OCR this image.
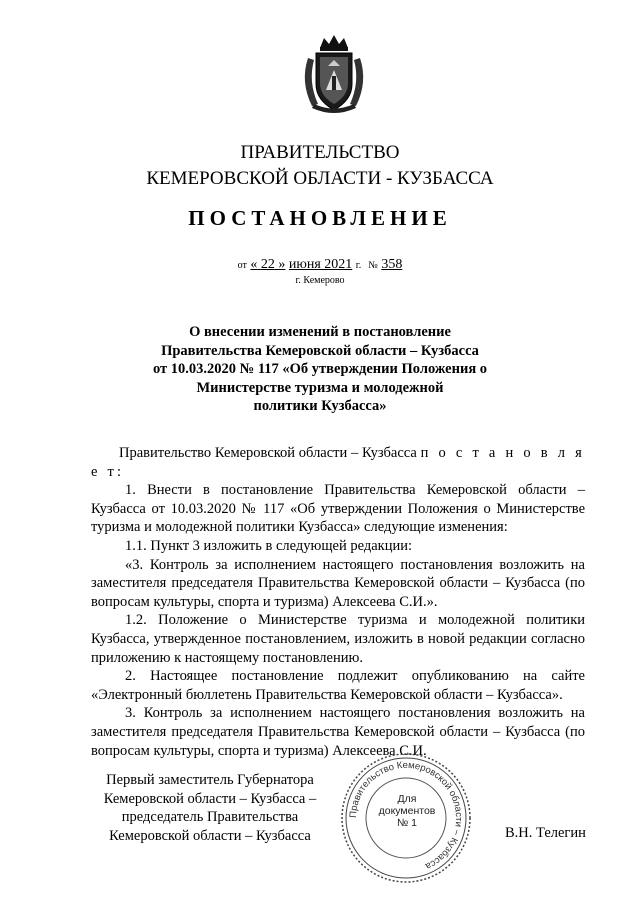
ПРАВИТЕЛЬСТВО
КЕМЕРОВСКОЙ ОБЛАСТИ - КУЗБАССА
ПОСТАНОВЛЕНИЕ
от « 22 » июня 2021 г. № 358
г. Кемерово
О внесении изменений в постановление
Правительства Кемеровской области – Кузбасса
от 10.03.2020 № 117 «Об утверждении Положения о
Министерстве туризма и молодежной
политики Кузбасса»

Правительство Кемеровской области – Кузбасса п о с т а н о в л я е т:

1. Внести в постановление Правительства Кемеровской области – Кузбасса от 10.03.2020 № 117 «Об утверждении Положения о Министерстве туризма и молодежной политики Кузбасса» следующие изменения:

1.1. Пункт 3 изложить в следующей редакции:

«3. Контроль за исполнением настоящего постановления возложить на заместителя председателя Правительства Кемеровской области – Кузбасса (по вопросам культуры, спорта и туризма) Алексеева С.И.».

1.2. Положение о Министерстве туризма и молодежной политики Кузбасса, утвержденное постановлением, изложить в новой редакции согласно приложению к настоящему постановлению.

2. Настоящее постановление подлежит опубликованию на сайте «Электронный бюллетень Правительства Кемеровской области – Кузбасса».

3. Контроль за исполнением настоящего постановления возложить на заместителя председателя Правительства Кемеровской области – Кузбасса (по вопросам культуры, спорта и туризма) Алексеева С.И.

Первый заместитель Губернатора
Кемеровской области – Кузбасса –
председатель Правительства
Кемеровской области – Кузбасса
Правительство Кемеровской области – Кузбасса
Для
документов
№ 1
В.Н. Телегин
